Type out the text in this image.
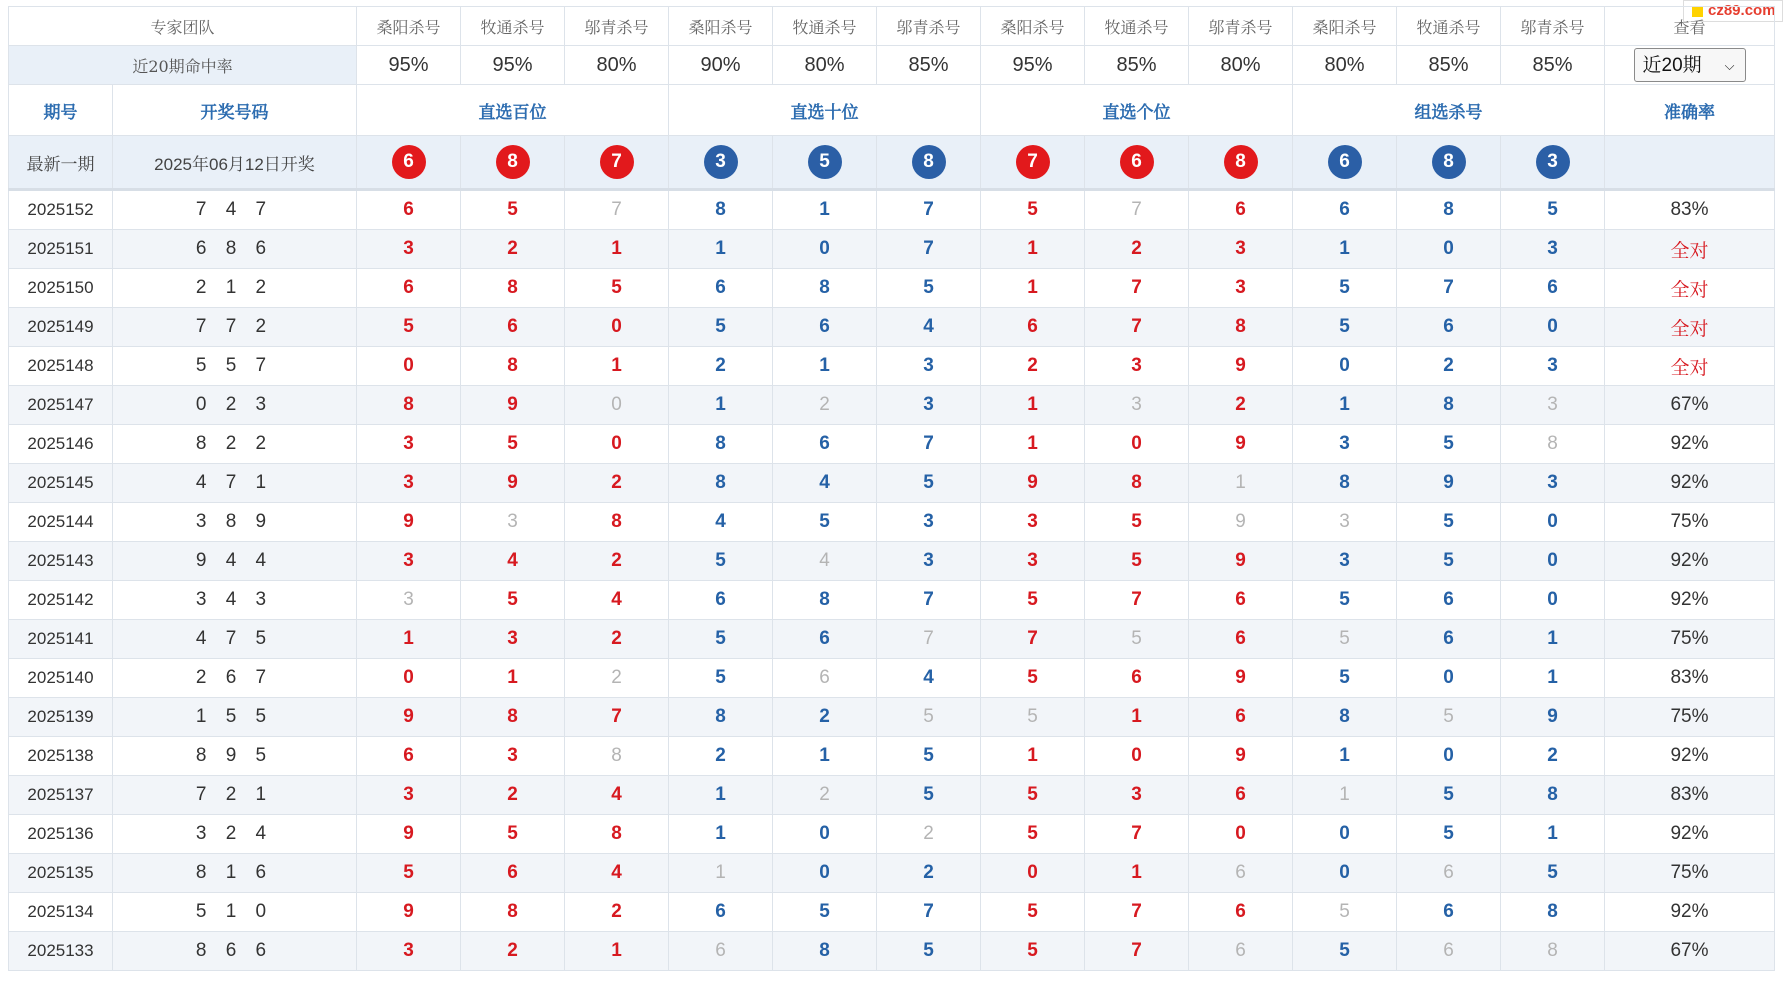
cz89.com
专家团队		桑阳杀号	牧通杀号	邬青杀号	桑阳杀号	牧通杀号	邬青杀号	桑阳杀号	牧通杀号	邬青杀号	桑阳杀号	牧通杀号	邬青杀号	查看
近20期命中率		95%	95%	80%	90%	80%	85%	95%	85%	80%	80%	85%	85%	近20期 ⌵

期号	开奖号码	直选百位			直选十位			直选个位			组选杀号			准确率
最新一期	2025年06月12日开奖	6	8	7	3	5	8	7	6	8	6	8	3	
2025152	7 4 7	6	5	7	8	1	7	5	7	6	6	8	5	83%
2025151	6 8 6	3	2	1	1	0	7	1	2	3	1	0	3	全对
2025150	2 1 2	6	8	5	6	8	5	1	7	3	5	7	6	全对
2025149	7 7 2	5	6	0	5	6	4	6	7	8	5	6	0	全对
2025148	5 5 7	0	8	1	2	1	3	2	3	9	0	2	3	全对
2025147	0 2 3	8	9	0	1	2	3	1	3	2	1	8	3	67%
2025146	8 2 2	3	5	0	8	6	7	1	0	9	3	5	8	92%
2025145	4 7 1	3	9	2	8	4	5	9	8	1	8	9	3	92%
2025144	3 8 9	9	3	8	4	5	3	3	5	9	3	5	0	75%
2025143	9 4 4	3	4	2	5	4	3	3	5	9	3	5	0	92%
2025142	3 4 3	3	5	4	6	8	7	5	7	6	5	6	0	92%
2025141	4 7 5	1	3	2	5	6	7	7	5	6	5	6	1	75%
2025140	2 6 7	0	1	2	5	6	4	5	6	9	5	0	1	83%
2025139	1 5 5	9	8	7	8	2	5	5	1	6	8	5	9	75%
2025138	8 9 5	6	3	8	2	1	5	1	0	9	1	0	2	92%
2025137	7 2 1	3	2	4	1	2	5	5	3	6	1	5	8	83%
2025136	3 2 4	9	5	8	1	0	2	5	7	0	0	5	1	92%
2025135	8 1 6	5	6	4	1	0	2	0	1	6	0	6	5	75%
2025134	5 1 0	9	8	2	6	5	7	5	7	6	5	6	8	92%
2025133	8 6 6	3	2	1	6	8	5	5	7	6	5	6	8	67%
